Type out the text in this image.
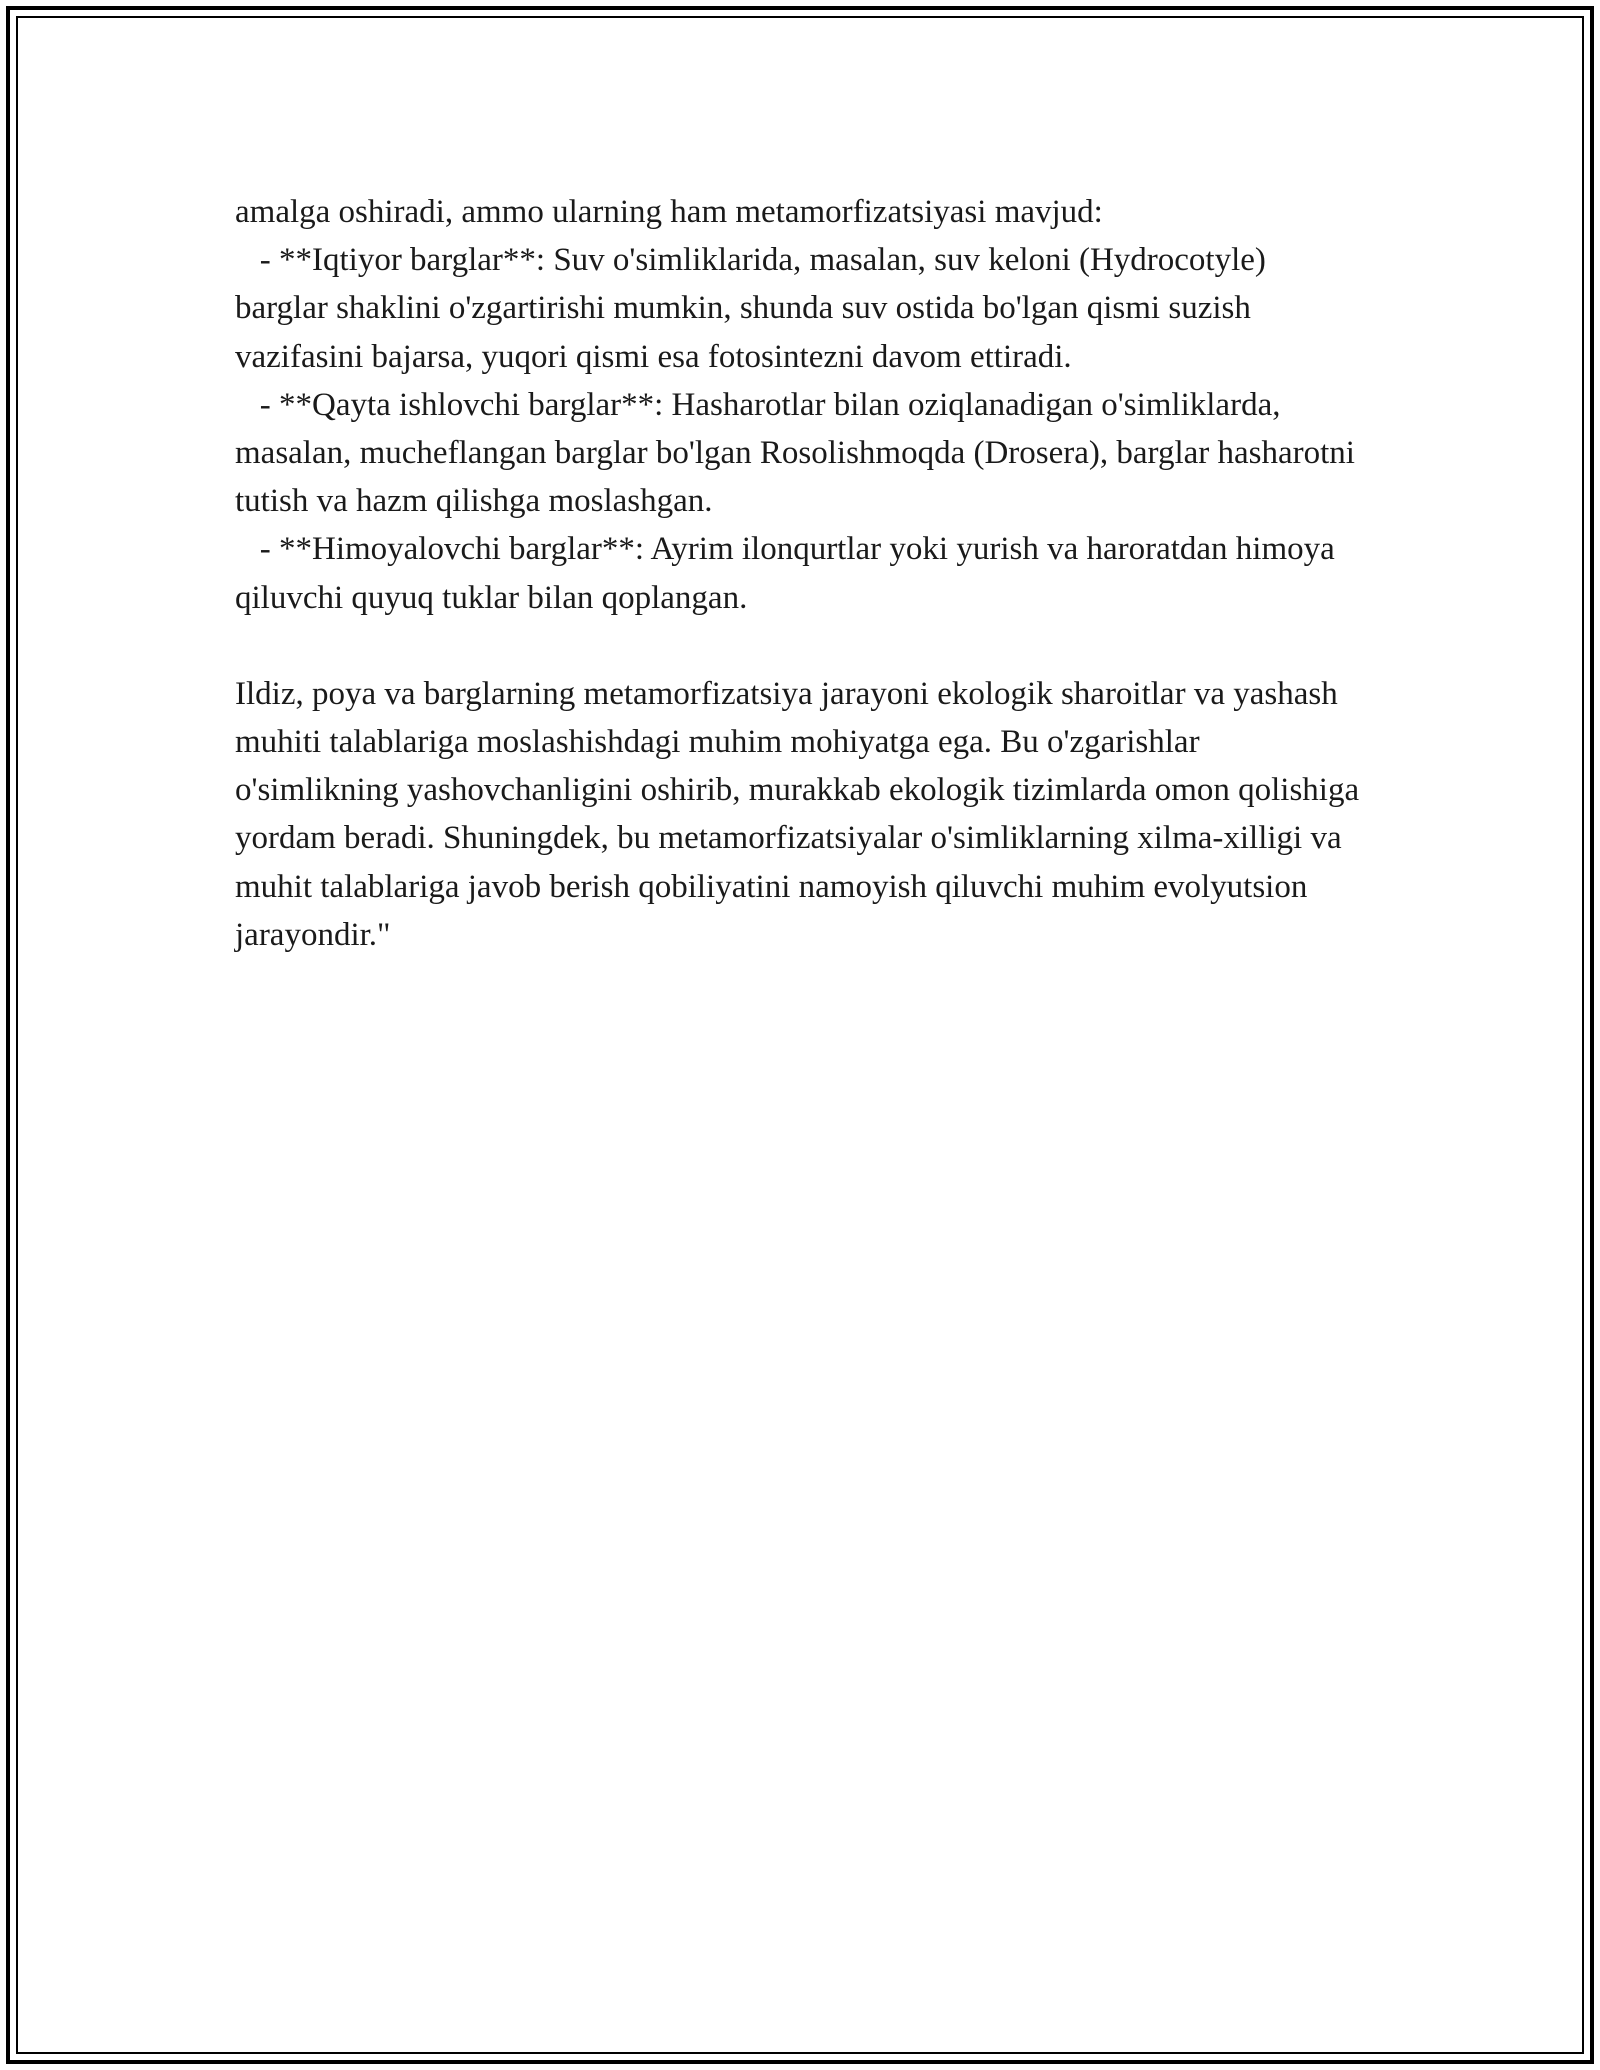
amalga oshiradi, ammo ularning ham metamorfizatsiyasi mavjud:
- **Iqtiyor barglar**: Suv o'simliklarida, masalan, suv keloni (Hydrocotyle) barglar shaklini o'zgartirishi mumkin, shunda suv ostida bo'lgan qismi suzish vazifasini bajarsa, yuqori qismi esa fotosintezni davom ettiradi.
- **Qayta ishlovchi barglar**: Hasharotlar bilan oziqlanadigan o'simliklarda, masalan, mucheflangan barglar bo'lgan Rosolishmoqda (Drosera), barglar hasharotni tutish va hazm qilishga moslashgan.
- **Himoyalovchi barglar**: Ayrim ilonqurtlar yoki yurish va haroratdan himoya qiluvchi quyuq tuklar bilan qoplangan.

Ildiz, poya va barglarning metamorfizatsiya jarayoni ekologik sharoitlar va yashash muhiti talablariga moslashishdagi muhim mohiyatga ega. Bu o'zgarishlar o'simlikning yashovchanligini oshirib, murakkab ekologik tizimlarda omon qolishiga yordam beradi. Shuningdek, bu metamorfizatsiyalar o'simliklarning xilma-xilligi va muhit talablariga javob berish qobiliyatini namoyish qiluvchi muhim evolyutsion jarayondir."
